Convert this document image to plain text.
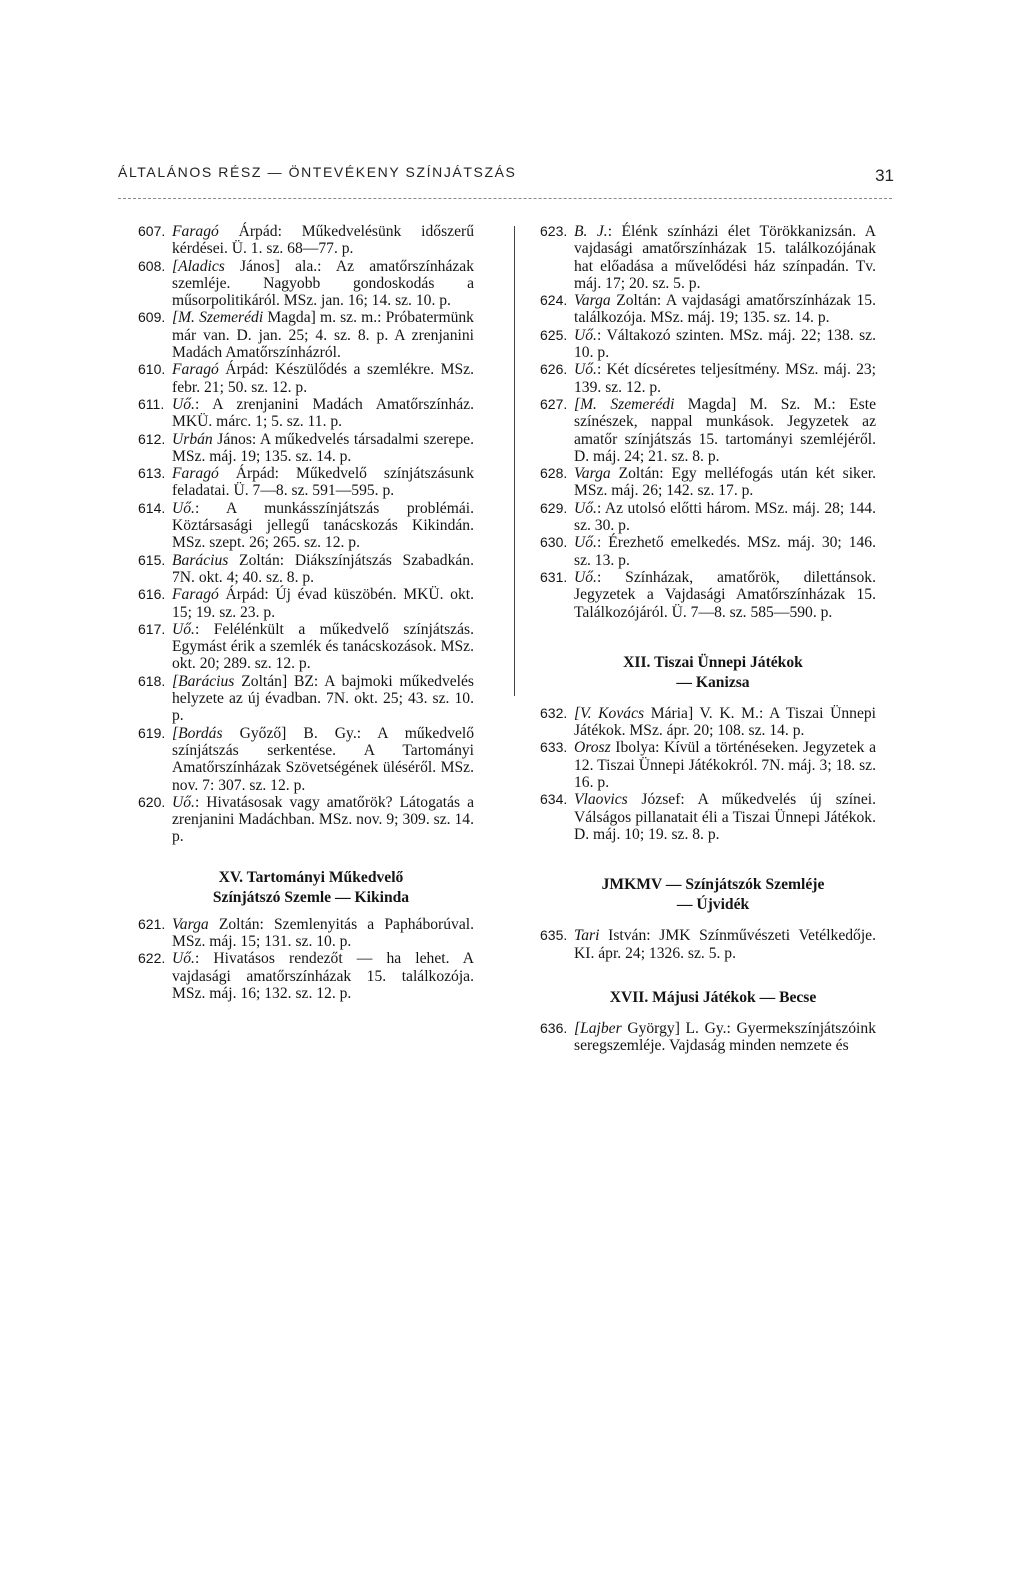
ÁLTALÁNOS RÉSZ — ÖNTEVÉKENY SZÍNJÁTSZÁS	31
607. Faragó Árpád: Műkedvelésünk időszerű kérdései. Ü. 1. sz. 68—77. p.
608. [Aladics János] ala.: Az amatőrszínházak szemléje. Nagyobb gondoskodás a műsorpolitikáról. MSz. jan. 16; 14. sz. 10. p.
609. [M. Szemerédi Magda] m. sz. m.: Próbatermünk már van. D. jan. 25; 4. sz. 8. p. A zrenjanini Madách Amatőrszínházról.
610. Faragó Árpád: Készülődés a szemlékre. MSz. febr. 21; 50. sz. 12. p.
611. Uő.: A zrenjanini Madách Amatőrszínház. MKÜ. márc. 1; 5. sz. 11. p.
612. Urbán János: A műkedvelés társadalmi szerepe. MSz. máj. 19; 135. sz. 14. p.
613. Faragó Árpád: Műkedvelő színjátszásunk feladatai. Ü. 7—8. sz. 591—595. p.
614. Uő.: A munkásszínjátszás problémái. Köztársasági jellegű tanácskozás Kikindán. MSz. szept. 26; 265. sz. 12. p.
615. Barácius Zoltán: Diákszínjátszás Szabadkán. 7N. okt. 4; 40. sz. 8. p.
616. Faragó Árpád: Új évad küszöbén. MKÜ. okt. 15; 19. sz. 23. p.
617. Uő.: Felélénkült a műkedvelő színjátszás. Egymást érik a szemlék és tanácskozások. MSz. okt. 20; 289. sz. 12. p.
618. [Barácius Zoltán] BZ: A bajmoki műkedvelés helyzete az új évadban. 7N. okt. 25; 43. sz. 10. p.
619. [Bordás Győző] B. Gy.: A műkedvelő színjátszás serkentése. A Tartományi Amatőrszínházak Szövetségének üléséről. MSz. nov. 7: 307. sz. 12. p.
620. Uő.: Hivatásosak vagy amatőrök? Látogatás a zrenjanini Madáchban. MSz. nov. 9; 309. sz. 14. p.
XV. Tartományi Műkedvelő
Színjátszó Szemle — Kikinda
621. Varga Zoltán: Szemlenyitás a Papháborúval. MSz. máj. 15; 131. sz. 10. p.
622. Uő.: Hivatásos rendezőt — ha lehet. A vajdasági amatőrszínházak 15. találkozója. MSz. máj. 16; 132. sz. 12. p.
623. B. J.: Élénk színházi élet Törökkanizsán. A vajdasági amatőrszínházak 15. találkozójának hat előadása a művelődési ház színpadán. Tv. máj. 17; 20. sz. 5. p.
624. Varga Zoltán: A vajdasági amatőrszínházak 15. találkozója. MSz. máj. 19; 135. sz. 14. p.
625. Uő.: Váltakozó szinten. MSz. máj. 22; 138. sz. 10. p.
626. Uő.: Két dícséretes teljesítmény. MSz. máj. 23; 139. sz. 12. p.
627. [M. Szemerédi Magda] M. Sz. M.: Este színészek, nappal munkások. Jegyzetek az amatőr színjátszás 15. tartományi szemléjéről. D. máj. 24; 21. sz. 8. p.
628. Varga Zoltán: Egy melléfogás után két siker. MSz. máj. 26; 142. sz. 17. p.
629. Uő.: Az utolsó előtti három. MSz. máj. 28; 144. sz. 30. p.
630. Uő.: Érezhető emelkedés. MSz. máj. 30; 146. sz. 13. p.
631. Uő.: Színházak, amatőrök, dilettánsok. Jegyzetek a Vajdasági Amatőrszínházak 15. Találkozójáról. Ü. 7—8. sz. 585—590. p.
XII. Tiszai Ünnepi Játékok
— Kanizsa
632. [V. Kovács Mária] V. K. M.: A Tiszai Ünnepi Játékok. MSz. ápr. 20; 108. sz. 14. p.
633. Orosz Ibolya: Kívül a történéseken. Jegyzetek a 12. Tiszai Ünnepi Játékokról. 7N. máj. 3; 18. sz. 16. p.
634. Vlaovics József: A műkedvelés új színei. Válságos pillanatait éli a Tiszai Ünnepi Játékok. D. máj. 10; 19. sz. 8. p.
JMKMV — Színjátszók Szemléje
— Újvidék
635. Tari István: JMK Színművészeti Vetélkedője. KI. ápr. 24; 1326. sz. 5. p.
XVII. Májusi Játékok — Becse
636. [Lajber György] L. Gy.: Gyermekszínjátszóink seregszemléje. Vajdaság minden nemzete és
